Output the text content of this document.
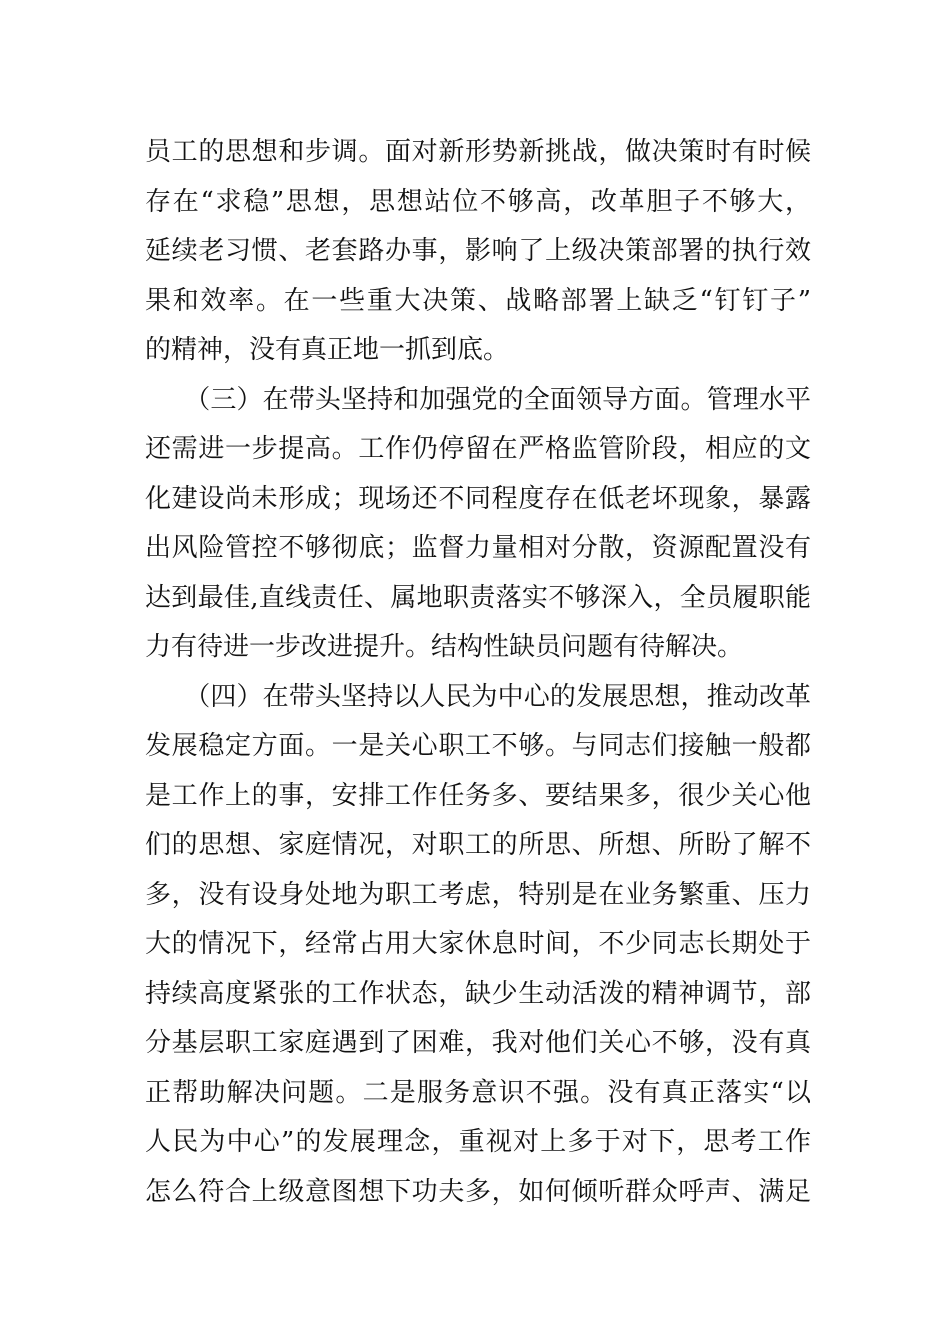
员工的思想和步调。面对新形势新挑战，做决策时有时候
存在“求稳”思想，思想站位不够高，改革胆子不够大，
延续老习惯、老套路办事，影响了上级决策部署的执行效
果和效率。在一些重大决策、战略部署上缺乏“钉钉子”
的精神，没有真正地一抓到底。
　　（三）在带头坚持和加强党的全面领导方面。管理水平
还需进一步提高。工作仍停留在严格监管阶段，相应的文
化建设尚未形成；现场还不同程度存在低老坏现象，暴露
出风险管控不够彻底；监督力量相对分散，资源配置没有
达到最佳,直线责任、属地职责落实不够深入，全员履职能
力有待进一步改进提升。结构性缺员问题有待解决。
　　（四）在带头坚持以人民为中心的发展思想，推动改革
发展稳定方面。一是关心职工不够。与同志们接触一般都
是工作上的事，安排工作任务多、要结果多，很少关心他
们的思想、家庭情况，对职工的所思、所想、所盼了解不
多，没有设身处地为职工考虑，特别是在业务繁重、压力
大的情况下，经常占用大家休息时间，不少同志长期处于
持续高度紧张的工作状态，缺少生动活泼的精神调节，部
分基层职工家庭遇到了困难，我对他们关心不够，没有真
正帮助解决问题。二是服务意识不强。没有真正落实“以
人民为中心”的发展理念，重视对上多于对下，思考工作
怎么符合上级意图想下功夫多，如何倾听群众呼声、满足
